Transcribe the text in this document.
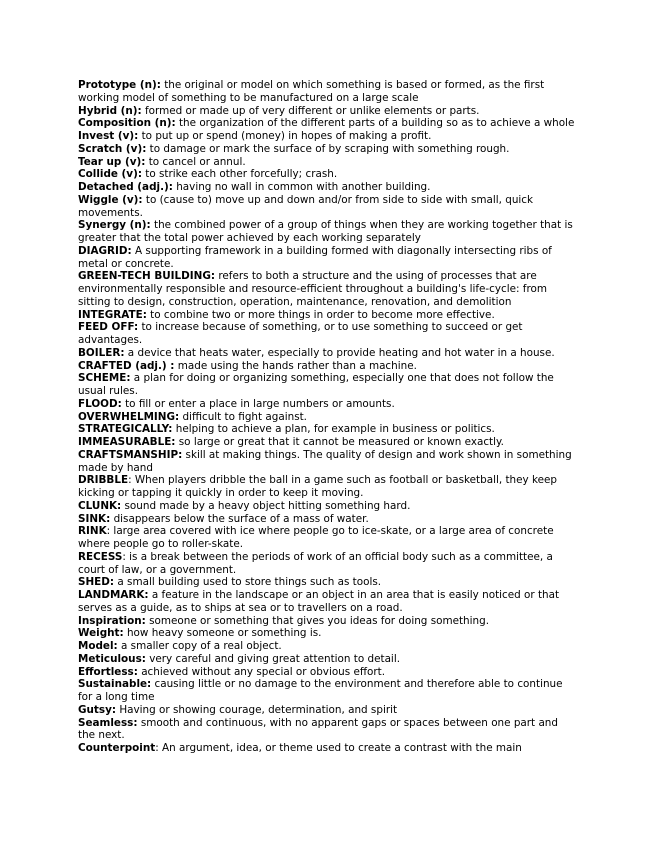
Prototype (n): the original or model on which something is based or formed, as the first working model of something to be manufactured on a large scale

Hybrid (n): formed or made up of very different or unlike elements or parts.

Composition (n): the organization of the different parts of a building so as to achieve a whole

Invest (v): to put up or spend (money) in hopes of making a profit.

Scratch (v): to damage or mark the surface of by scraping with something rough.

Tear up (v): to cancel or annul.

Collide (v): to strike each other forcefully; crash.

Detached (adj.): having no wall in common with another building.

Wiggle (v): to (cause to) move up and down and/or from side to side with small, quick movements.

Synergy (n): the combined power of a group of things when they are working together that is greater that the total power achieved by each working separately

DIAGRID: A supporting framework in a building formed with diagonally intersecting ribs of metal or concrete.

GREEN-TECH BUILDING: refers to both a structure and the using of processes that are environmentally responsible and resource-efficient throughout a building's life-cycle: from sitting to design, construction, operation, maintenance, renovation, and demolition

INTEGRATE: to combine two or more things in order to become more effective.

FEED OFF: to increase because of something, or to use something to succeed or get advantages.

BOILER: a device that heats water, especially to provide heating and hot water in a house.

CRAFTED (adj.) : made using the hands rather than a machine.

SCHEME: a plan for doing or organizing something, especially one that does not follow the usual rules.

FLOOD: to fill or enter a place in large numbers or amounts.

OVERWHELMING: difficult to fight against.

STRATEGICALLY: helping to achieve a plan, for example in business or politics.

IMMEASURABLE: so large or great that it cannot be measured or known exactly.

CRAFTSMANSHIP: skill at making things. The quality of design and work shown in something made by hand

DRIBBLE: When players dribble the ball in a game such as football or basketball, they keep kicking or tapping it quickly in order to keep it moving.

CLUNK: sound made by a heavy object hitting something hard.

SINK: disappears below the surface of a mass of water.

RINK: large area covered with ice where people go to ice-skate, or a large area of concrete where people go to roller-skate.

RECESS: is a break between the periods of work of an official body such as a committee, a court of law, or a government.

SHED: a small building used to store things such as tools.

LANDMARK: a feature in the landscape or an object in an area that is easily noticed or that serves as a guide, as to ships at sea or to travellers on a road.

Inspiration: someone or something that gives you ideas for doing something.

Weight: how heavy someone or something is.

Model: a smaller copy of a real object.

Meticulous: very careful and giving great attention to detail.

Effortless: achieved without any special or obvious effort.

Sustainable: causing little or no damage to the environment and therefore able to continue for a long time

Gutsy: Having or showing courage, determination, and spirit

Seamless: smooth and continuous, with no apparent gaps or spaces between one part and the next.

Counterpoint: An argument, idea, or theme used to create a contrast with the main
